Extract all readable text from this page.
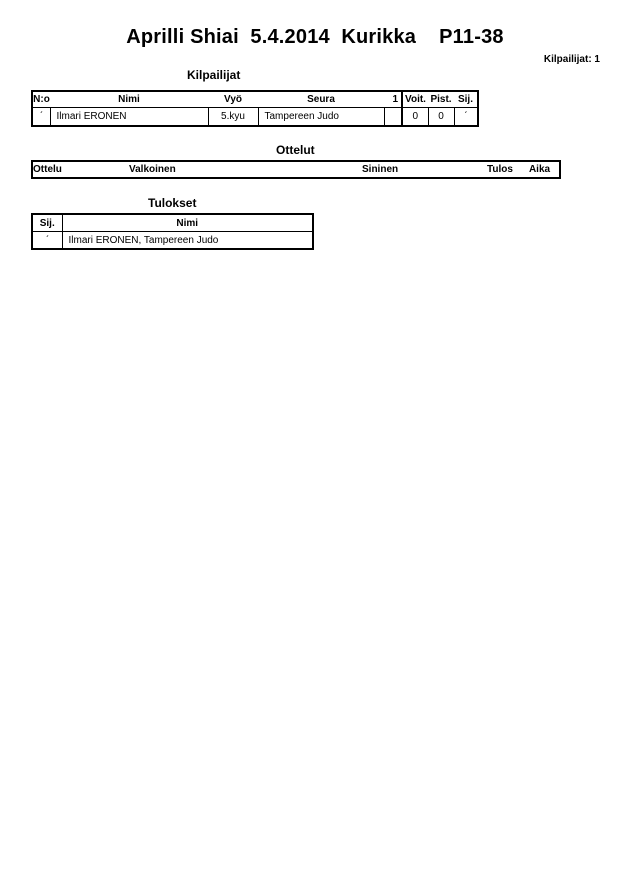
Aprilli Shiai  5.4.2014  Kurikka    P11-38
Kilpailijat: 1
Kilpailijat
N:o	Nimi	Vyö	Seura	1	Voit.	Pist.	Sij.
ˊ	Ilmari ERONEN	5.kyu	Tampereen Judo		0	0	ˊ
Ottelut
Ottelu	Valkoinen	Sininen	Tulos	Aika
Tulokset
Sij.	Nimi
ˊ	Ilmari ERONEN, Tampereen Judo
